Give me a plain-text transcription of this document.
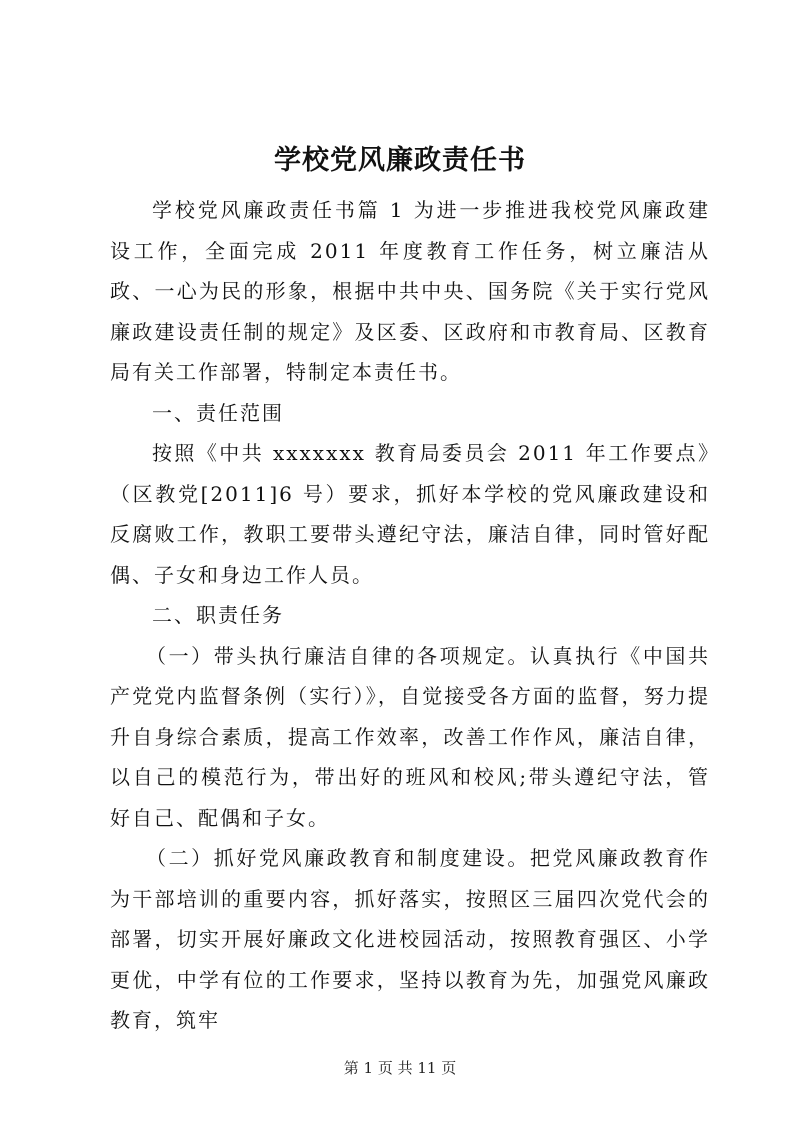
学校党风廉政责任书

学校党风廉政责任书篇 1 为进一步推进我校党风廉政建设工作，全面完成 2011 年度教育工作任务，树立廉洁从政、一心为民的形象，根据中共中央、国务院《关于实行党风廉政建设责任制的规定》及区委、区政府和市教育局、区教育局有关工作部署，特制定本责任书。

一、责任范围

按照《中共 xxxxxxx 教育局委员会 2011 年工作要点》（区教党[2011]6 号）要求，抓好本学校的党风廉政建设和反腐败工作，教职工要带头遵纪守法，廉洁自律，同时管好配偶、子女和身边工作人员。

二、职责任务

（一）带头执行廉洁自律的各项规定。认真执行《中国共产党党内监督条例（实行）》，自觉接受各方面的监督，努力提升自身综合素质，提高工作效率，改善工作作风，廉洁自律，以自己的模范行为，带出好的班风和校风;带头遵纪守法，管好自己、配偶和子女。

（二）抓好党风廉政教育和制度建设。把党风廉政教育作为干部培训的重要内容，抓好落实，按照区三届四次党代会的部署，切实开展好廉政文化进校园活动，按照教育强区、小学更优，中学有位的工作要求，坚持以教育为先，加强党风廉政教育，筑牢

第 1 页 共 11 页
